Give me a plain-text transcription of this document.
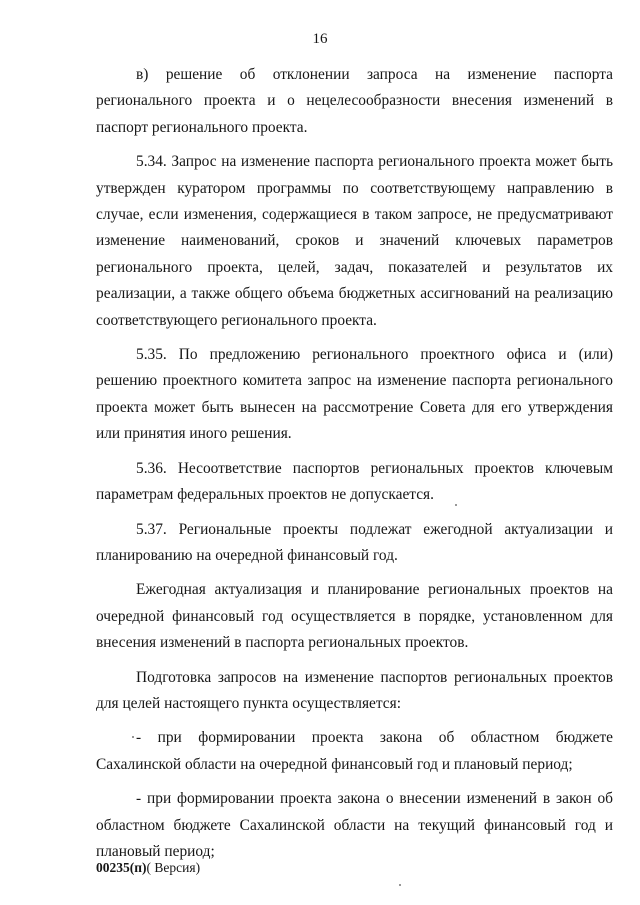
16

в) решение об отклонении запроса на изменение паспорта регионального проекта и о нецелесообразности внесения изменений в паспорт регионального проекта.

5.34. Запрос на изменение паспорта регионального проекта может быть утвержден куратором программы по соответствующему направлению в случае, если изменения, содержащиеся в таком запросе, не предусматривают изменение наименований, сроков и значений ключевых параметров регионального проекта, целей, задач, показателей и результатов их реализации, а также общего объема бюджетных ассигнований на реализацию соответствующего регионального проекта.

5.35. По предложению регионального проектного офиса и (или) решению проектного комитета запрос на изменение паспорта регионального проекта может быть вынесен на рассмотрение Совета для его утверждения или принятия иного решения.

5.36. Несоответствие паспортов региональных проектов ключевым параметрам федеральных проектов не допускается.

5.37. Региональные проекты подлежат ежегодной актуализации и планированию на очередной финансовый год.

Ежегодная актуализация и планирование региональных проектов на очередной финансовый год осуществляется в порядке, установленном для внесения изменений в паспорта региональных проектов.

Подготовка запросов на изменение паспортов региональных проектов для целей настоящего пункта осуществляется:

- при формировании проекта закона об областном бюджете Сахалинской области на очередной финансовый год и плановый период;

- при формировании проекта закона о внесении изменений в закон об областном бюджете Сахалинской области на текущий финансовый год и плановый период;

00235(п)( Версия)
